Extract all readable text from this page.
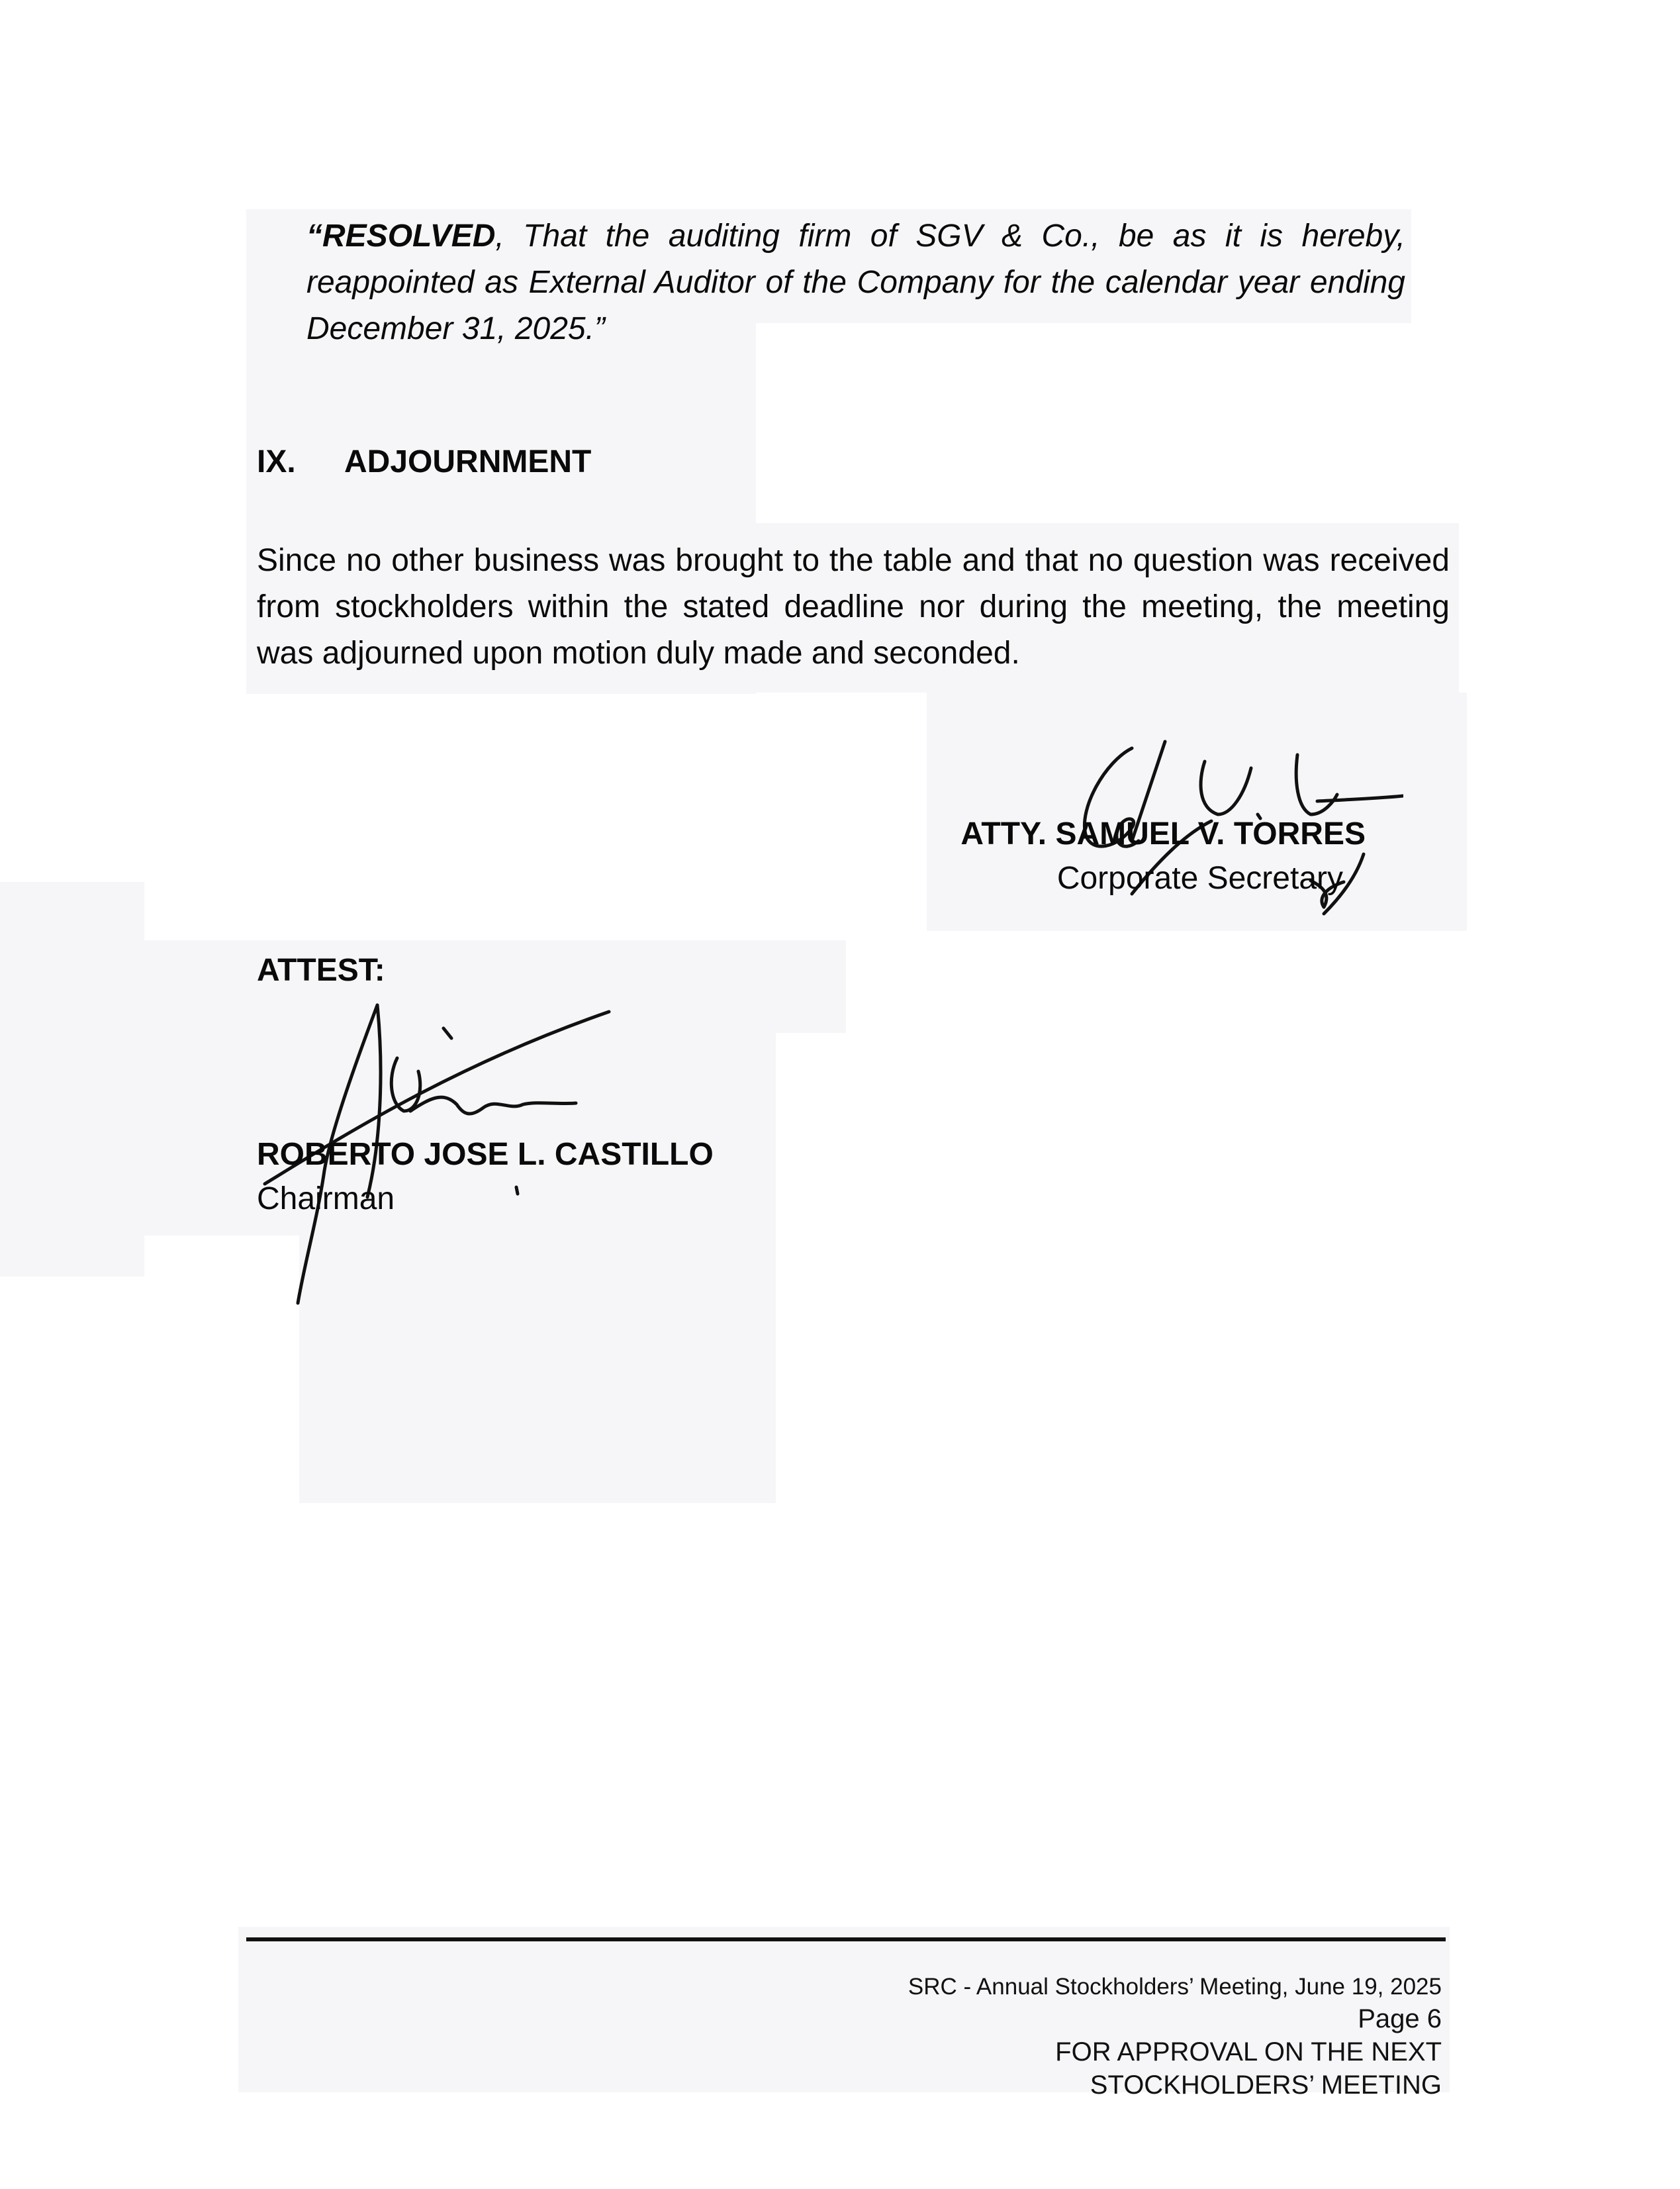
“RESOLVED, That the auditing firm of SGV & Co., be as it is hereby, reappointed as External Auditor of the Company for the calendar year ending December 31, 2025.”
IX. ADJOURNMENT
Since no other business was brought to the table and that no question was received from stockholders within the stated deadline nor during the meeting, the meeting was adjourned upon motion duly made and seconded.
ATTY. SAMUEL V. TORRES
Corporate Secretary
ATTEST:
ROBERTO JOSE L. CASTILLO
Chairman
SRC - Annual Stockholders’ Meeting, June 19, 2025
Page 6
FOR APPROVAL ON THE NEXT
STOCKHOLDERS’ MEETING
